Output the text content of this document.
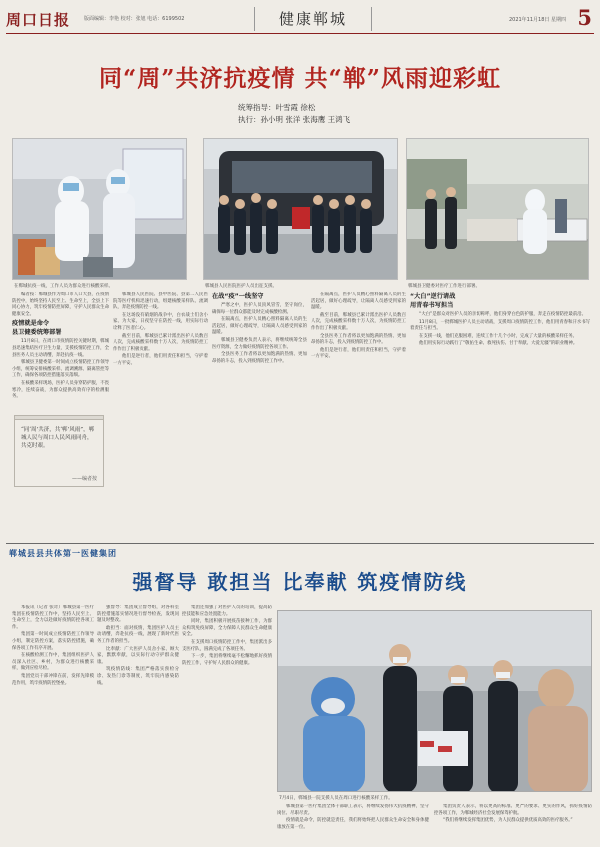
周口日报	版面编辑：李艳 校对：张旭 电话：6199502	健康郸城	2021年11月18日 星期四 5
同“周”共济抗疫情 共“郸”风雨迎彩虹
统筹指导：叶雪霞 徐松
执行：孙小明 张洋 张海鹰 王鸿飞
在郸城抗疫一线，工作人员为群众进行核酸采样。	郸城县人民医院医护人员出征支援。	郸城县卫健委对医疗工作进行部署。

编者按：郸城县作为周口市人口大县，在疫情防控中，始终坚持人民至上、生命至上，全县上下同心协力，筑牢疫情防控屏障，守护人民群众生命健康安全。

疫情就是命令
县卫健委统筹部署

11月8日，在周口市疫情防控关键时期，郸城县迅速集结医疗卫生力量，支援疫情防控工作，全县医务人员主动请缨，奔赴抗疫一线。

郸城县卫健委第一时间成立疫情防控工作领导小组，统筹安排核酸采样、流调溯源、隔离管控等工作，确保各项防控措施落实落细。

在核酸采样现场，医护人员身穿防护服，不畏寒冷，连续奋战，为群众提供高效有序的检测服务。

郸城县人民医院、县中医院、县第二人民医院等医疗机构迅速行动，组建核酸采样队、流调队，奔赴疫情防控一线。

在这场没有硝烟的战争中，白衣战士们舍小家、为大家，日夜坚守在防控一线，用实际行动诠释了医者仁心。

截至目前，郸城县已累计派出医护人员数百人次，完成核酸采样数十万人次，为疫情防控工作作出了积极贡献。

他们是逆行者，他们用责任和担当，守护着一方平安。

在战“疫”一线坚守

严寒之中，医护人员顶风冒雪，坚守岗位，确保每一位群众都能及时完成核酸检测。

在隔离点，医护人员精心照料隔离人员的生活起居，做好心理疏导，让隔离人员感受到家的温暖。

郸城县卫健委负责人表示，将继续统筹全县医疗资源，全力做好疫情防控各项工作。

全县医务工作者将以更加饱满的热情、更加昂扬的斗志，投入到疫情防控工作中。

在隔离点，医护人员精心照料隔离人员的生活起居，做好心理疏导，让隔离人员感受到家的温暖。

截至目前，郸城县已累计派出医护人员数百人次，完成核酸采样数十万人次，为疫情防控工作作出了积极贡献。

全县医务工作者将以更加饱满的热情、更加昂扬的斗志，投入到疫情防控工作中。

他们是逆行者，他们用责任和担当，守护着一方平安。

“大白”逆行请战
用青春书写担当

“大白”是群众对医护人员的亲切称呼，他们身穿白色防护服，奔走在疫情防控最前沿。

11月8日，一批郸城医护人员主动请战，支援周口疫情防控工作，他们用青春和汗水书写着责任与担当。

在支援一线，他们克服困难，连续工作十几个小时，完成了大量的核酸采样任务。

他们用实际行动践行了“敬佑生命、救死扶伤、甘于奉献、大爱无疆”的职业精神。

“同‘周’共济，共‘郸’风雨”，郸城人民与周口人民风雨同舟，共克时艰。
——编者按
郸城县县共体第一医健集团
强督导 敢担当 比奉献 筑疫情防线

本报讯（记者 张奇）郸城县第一医疗集团在疫情防控工作中，坚持人民至上、生命至上，全力以赴做好疫情防控各项工作。

集团第一时间成立疫情防控工作领导小组，制定防控方案，落实防控措施，确保各项工作有序开展。

在核酸检测工作中，集团组织医护人员深入社区、乡村，为群众进行核酸采样，做到应检尽检。

集团党员干部冲锋在前，发挥先锋模范作用，筑牢疫情防控堡垒。

强督导：集团成立督导组，对各科室防控措施落实情况进行督导检查，发现问题及时整改。

敢担当：面对疫情，集团医护人员主动请缨，奔赴抗疫一线，展现了新时代医务工作者的担当。

比奉献：广大医护人员舍小家、顾大家，默默奉献，以实际行动守护群众健康。

筑疫情防线：集团严格落实预检分诊、发热门诊等制度，筑牢院内感染防线。

集团还加强了对医护人员的培训，提高防控技能和应急处置能力。

同时，集团积极开展疫苗接种工作，为群众构筑免疫屏障，全力保障人民群众生命健康安全。

在支援周口疫情防控工作中，集团派出多支医疗队，圆满完成了各项任务。

下一步，集团将继续毫不松懈地抓好疫情防控工作，守护好人民群众的健康。

7月4日，郸城县一院支援人员在周口进行核酸采样工作。

郸城县第一医疗集团全体干部职工表示，将继续发扬伟大抗疫精神，坚守岗位、尽职尽责。

疫情就是命令，防控就是责任，我们将始终把人民群众生命安全和身体健康放在第一位。

集团负责人表示，将以更高的标准、更严的要求、更实的作风，抓好疫情防控各项工作，为郸城经济社会发展保驾护航。

“我们将继续发挥集团优势，为人民群众提供优质高效的医疗服务。”
